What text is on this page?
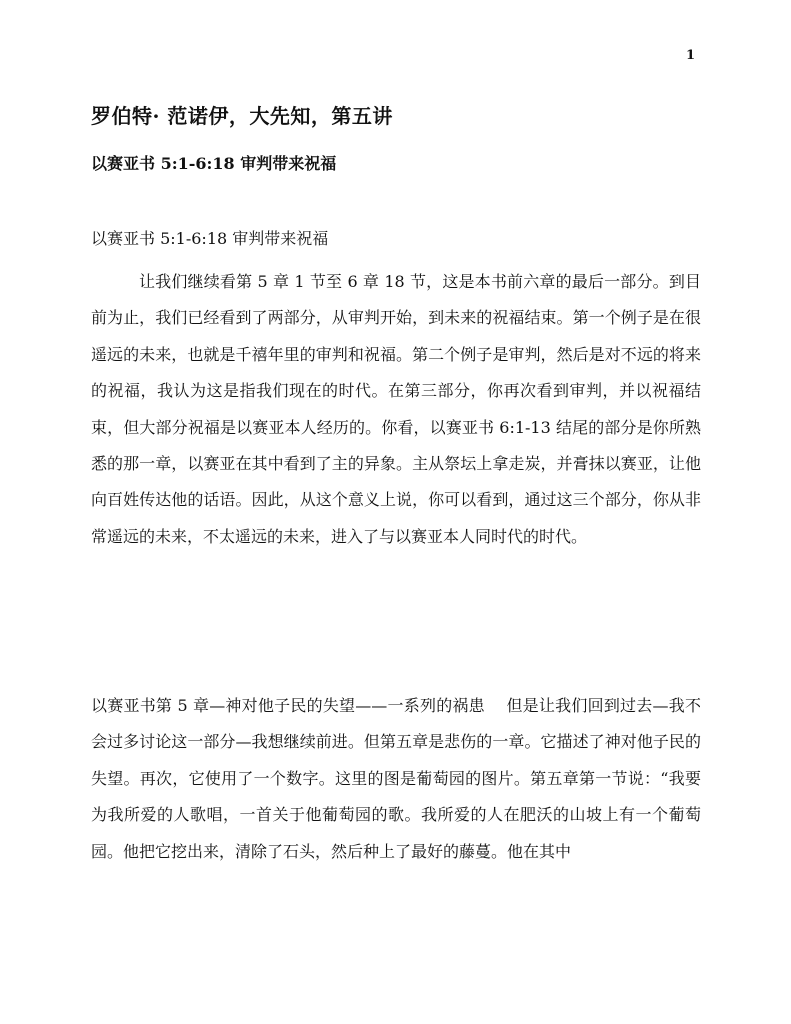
1
罗伯特· 范诺伊，大先知，第五讲
以赛亚书 5:1-6:18 审判带来祝福
以赛亚书 5:1-6:18 审判带来祝福

让我们继续看第 5 章 1 节至 6 章 18 节，这是本书前六章的最后一部分。到目前为止，我们已经看到了两部分，从审判开始，到未来的祝福结束。第一个例子是在很遥远的未来，也就是千禧年里的审判和祝福。第二个例子是审判，然后是对不远的将来的祝福，我认为这是指我们现在的时代。在第三部分，你再次看到审判，并以祝福结束，但大部分祝福是以赛亚本人经历的。你看，以赛亚书 6:1-13 结尾的部分是你所熟悉的那一章，以赛亚在其中看到了主的异象。主从祭坛上拿走炭，并膏抹以赛亚，让他向百姓传达他的话语。因此，从这个意义上说，你可以看到，通过这三个部分，你从非常遥远的未来，不太遥远的未来，进入了与以赛亚本人同时代的时代。

以赛亚书第 5 章—神对他子民的失望——一系列的祸患　 但是让我们回到过去—我不会过多讨论这一部分—我想继续前进。但第五章是悲伤的一章。它描述了神对他子民的失望。再次，它使用了一个数字。这里的图是葡萄园的图片。第五章第一节说：“我要为我所爱的人歌唱，一首关于他葡萄园的歌。我所爱的人在肥沃的山坡上有一个葡萄园。他把它挖出来，清除了石头，然后种上了最好的藤蔓。他在其中
